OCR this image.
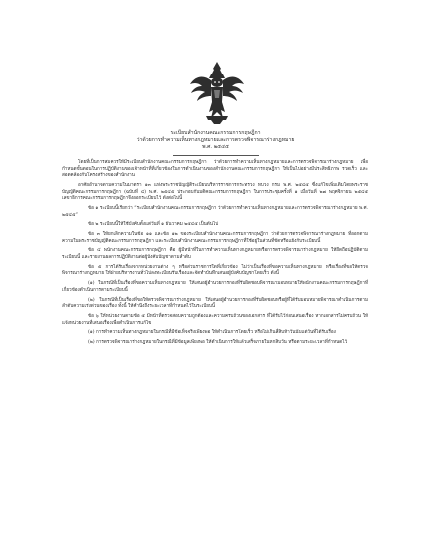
ระเบียบสำนักงานคณะกรรมการกฤษฎีกา
ว่าด้วยการทำความเห็นทางกฎหมายและการตรวจพิจารณาร่างกฎหมาย
พ.ศ. ๒๕๔๕

โดยที่เป็นการสมควรให้มีระเบียบสำนักงานคณะกรรมการกฤษฎีกา ว่าด้วยการทำความเห็นทางกฎหมายและการตรวจพิจารณาร่างกฎหมาย เพื่อกำหนดขั้นตอนในการปฏิบัติงานของเจ้าหน้าที่ที่เกี่ยวข้องในการดำเนินงานของสำนักงานคณะกรรมการกฤษฎีกา ให้เป็นไปอย่างมีประสิทธิภาพ รวดเร็ว และสอดคล้องกับโครงสร้างของสำนักงาน

อาศัยอำนาจตามความในมาตรา ๑๓ แห่งพระราชบัญญัติระเบียบบริหารราชการกระทรวง ทบวง กรม พ.ศ. ๒๕๔๕ ซึ่งแก้ไขเพิ่มเติมโดยพระราชบัญญัติคณะกรรมการกฤษฎีกา (ฉบับที่ ๔) พ.ศ. ๒๕๔๕ ประกอบกับมติคณะกรรมการกฤษฎีกา ในการประชุมครั้งที่ ๑ เมื่อวันที่ ๒๗ พฤศจิกายน ๒๕๔๕ เลขาธิการคณะกรรมการกฤษฎีกาจึงออกระเบียบไว้ ดังต่อไปนี้

ข้อ ๑ ระเบียบนี้เรียกว่า “ระเบียบสำนักงานคณะกรรมการกฤษฎีกา ว่าด้วยการทำความเห็นทางกฎหมายและการตรวจพิจารณาร่างกฎหมาย พ.ศ. ๒๕๔๕”

ข้อ ๒ ระเบียบนี้ให้ใช้บังคับตั้งแต่วันที่ ๑ ธันวาคม ๒๕๔๕ เป็นต้นไป

ข้อ ๓ ให้ยกเลิกความในข้อ ๑๑ และข้อ ๑๒ ของระเบียบสำนักงานคณะกรรมการกฤษฎีกา ว่าด้วยการตรวจพิจารณาร่างกฎหมาย ที่ออกตามความในพระราชบัญญัติคณะกรรมการกฤษฎีกา และระเบียบสำนักงานคณะกรรมการกฤษฎีกาที่ใช้อยู่ในส่วนที่ขัดหรือแย้งกับระเบียบนี้

ข้อ ๔ พนักงานคณะกรรมการกฤษฎีกา คือ ผู้มีหน้าที่ในการทำความเห็นทางกฎหมายหรือการตรวจพิจารณาร่างกฎหมาย ให้ยึดถือปฏิบัติตามระเบียบนี้ และรายงานผลการปฏิบัติงานต่อผู้บังคับบัญชาตามลำดับ

ข้อ ๕ การได้รับเรื่องจากหน่วยงานต่าง ๆ หรือส่วนราชการใดที่เกี่ยวข้อง ไม่ว่าเป็นเรื่องที่ขอความเห็นทางกฎหมาย หรือเรื่องที่ขอให้ตรวจพิจารณาร่างกฎหมาย ให้ฝ่ายบริหารงานทั่วไปลงทะเบียนรับเรื่องและจัดทำบันทึกเสนอผู้บังคับบัญชาโดยเร็ว ดังนี้

(๑) ในกรณีที่เป็นเรื่องที่ขอความเห็นทางกฎหมาย ให้เสนอผู้อำนวยการกองที่รับผิดชอบพิจารณามอบหมายให้พนักงานคณะกรรมการกฤษฎีกาที่เกี่ยวข้องดำเนินการตามระเบียบนี้

(๒) ในกรณีที่เป็นเรื่องที่ขอให้ตรวจพิจารณาร่างกฎหมาย ให้เสนอผู้อำนวยการกองที่รับผิดชอบหรือผู้ที่ได้รับมอบหมายพิจารณาดำเนินการตามลำดับความเร่งด่วนของเรื่อง ทั้งนี้ ให้คำนึงถึงระยะเวลาที่กำหนดไว้ในระเบียบนี้

ข้อ ๖ ให้หน่วยงานตามข้อ ๕ มีหน้าที่ตรวจสอบความถูกต้องและความครบถ้วนของเอกสาร ที่ได้รับไว้ก่อนเสนอเรื่อง หากเอกสารไม่ครบถ้วน ให้แจ้งหน่วยงานที่เสนอเรื่องเพื่อดำเนินการแก้ไข

(๑) การทำความเห็นทางกฎหมายในกรณีที่มีข้อเท็จจริงเพียงพอ ให้ดำเนินการโดยเร็ว หรือไม่เกินสี่สิบห้าวันนับแต่วันที่ได้รับเรื่อง

(๒) การตรวจพิจารณาร่างกฎหมายในกรณีที่มีข้อมูลเพียงพอ ให้ดำเนินการให้แล้วเสร็จภายในหกสิบวัน หรือตามระยะเวลาที่กำหนดไว้
